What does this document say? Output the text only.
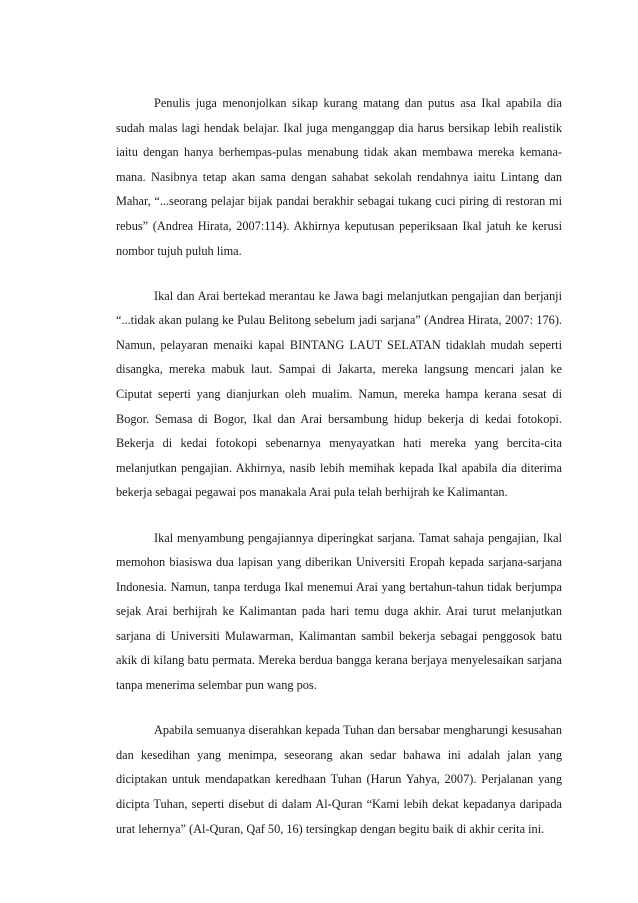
Penulis juga menonjolkan sikap kurang matang dan putus asa Ikal apabila dia sudah malas lagi hendak belajar. Ikal juga menganggap dia harus bersikap lebih realistik iaitu dengan hanya berhempas-pulas menabung tidak akan membawa mereka kemana-mana. Nasibnya tetap akan sama dengan sahabat sekolah rendahnya iaitu Lintang dan Mahar, “...seorang pelajar bijak pandai berakhir sebagai tukang cuci piring di restoran mi rebus” (Andrea Hirata, 2007:114). Akhirnya keputusan peperiksaan Ikal jatuh ke kerusi nombor tujuh puluh lima.

Ikal dan Arai bertekad merantau ke Jawa bagi melanjutkan pengajian dan berjanji “...tidak akan pulang ke Pulau Belitong sebelum jadi sarjana” (Andrea Hirata, 2007: 176). Namun, pelayaran menaiki kapal BINTANG LAUT SELATAN tidaklah mudah seperti disangka, mereka mabuk laut. Sampai di Jakarta, mereka langsung mencari jalan ke Ciputat seperti yang dianjurkan oleh mualim. Namun, mereka hampa kerana sesat di Bogor. Semasa di Bogor, Ikal dan Arai bersambung hidup bekerja di kedai fotokopi. Bekerja di kedai fotokopi sebenarnya menyayatkan hati mereka yang bercita-cita melanjutkan pengajian. Akhirnya, nasib lebih memihak kepada Ikal apabila dia diterima bekerja sebagai pegawai pos manakala Arai pula telah berhijrah ke Kalimantan.

Ikal menyambung pengajiannya diperingkat sarjana. Tamat sahaja pengajian, Ikal memohon biasiswa dua lapisan yang diberikan Universiti Eropah kepada sarjana-sarjana Indonesia. Namun, tanpa terduga Ikal menemui Arai yang bertahun-tahun tidak berjumpa sejak Arai berhijrah ke Kalimantan pada hari temu duga akhir. Arai turut melanjutkan sarjana di Universiti Mulawarman, Kalimantan sambil bekerja sebagai penggosok batu akik di kilang batu permata. Mereka berdua bangga kerana berjaya menyelesaikan sarjana tanpa menerima selembar pun wang pos.

Apabila semuanya diserahkan kepada Tuhan dan bersabar mengharungi kesusahan dan kesedihan yang menimpa, seseorang akan sedar bahawa ini adalah jalan yang diciptakan untuk mendapatkan keredhaan Tuhan (Harun Yahya, 2007). Perjalanan yang dicipta Tuhan, seperti disebut di dalam Al-Quran “Kami lebih dekat kepadanya daripada urat lehernya” (Al-Quran, Qaf 50, 16) tersingkap dengan begitu baik di akhir cerita ini.
